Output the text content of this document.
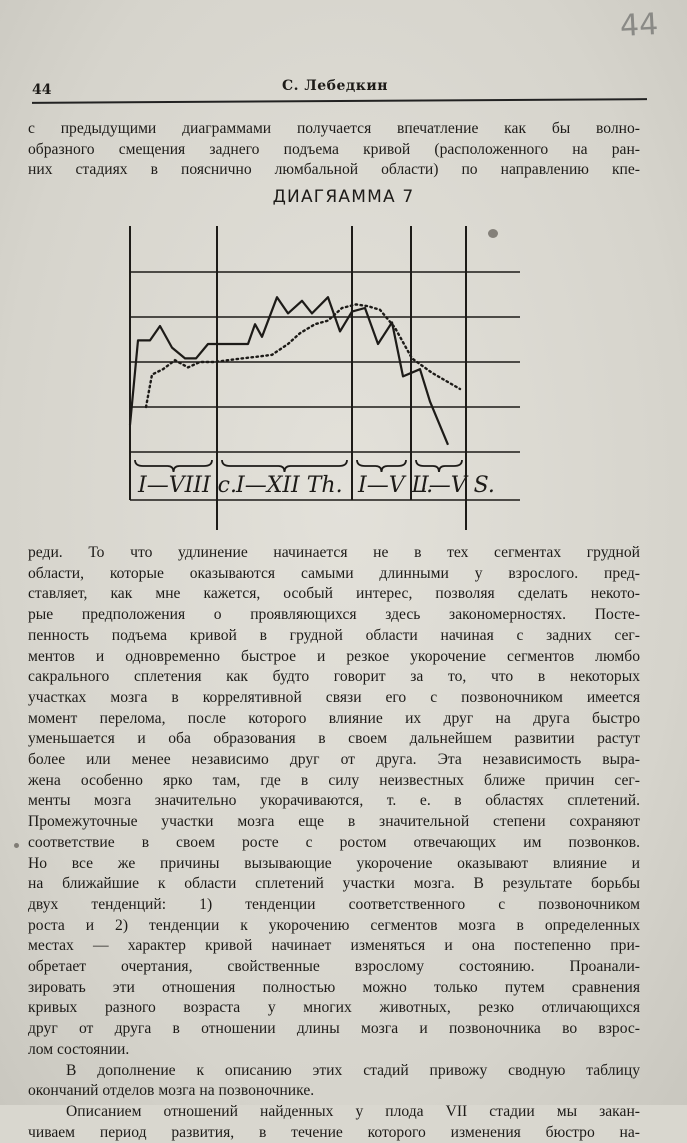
44
44	С. Лебедкин
с предыдущими диаграммами получается впечатление как бы волно-
образного смещения заднего подъема кривой (расположенного на ран-
них стадиях в пояснично люмбальной области) по направлению кпе-
ДИАГЯАММА 7
I—VIII c. I—XII Th. I—V L.
I—V S.
реди. То что удлинение начинается не в тех сегментах грудной
области, которые оказываются самыми длинными у взрослого. пред-
ставляет, как мне кажется, особый интерес, позволяя сделать некото-
рые предположения о проявляющихся здесь закономерностях. Посте-
пенность подъема кривой в грудной области начиная с задних сег-
ментов и одновременно быстрое и резкое укорочение сегментов люмбо
сакрального сплетения как будто говорит за то, что в некоторых
участках мозга в коррелятивной связи его с позвоночником имеется
момент перелома, после которого влияние их друг на друга быстро
уменьшается и оба образования в своем дальнейшем развитии растут
более или менее независимо друг от друга. Эта независимость выра-
жена особенно ярко там, где в силу неизвестных ближе причин сег-
менты мозга значительно укорачиваются, т. е. в областях сплетений.
Промежуточные участки мозга еще в значительной степени сохраняют
соответствие в своем росте с ростом отвечающих им позвонков.
Но все же причины вызывающие укорочение оказывают влияние и
на ближайшие к области сплетений участки мозга. В результате борьбы
двух тенденций: 1) тенденции соответственного с позвоночником
роста и 2) тенденции к укорочению сегментов мозга в определенных
местах — характер кривой начинает изменяться и она постепенно при-
обретает очертания, свойственные взрослому состоянию. Проанали-
зировать эти отношения полностью можно только путем сравнения
кривых разного возраста у многих животных, резко отличающихся
друг от друга в отношении длины мозга и позвоночника во взрос-
лом состоянии.
В дополнение к описанию этих стадий привожу сводную таблицу
окончаний отделов мозга на позвоночнике.
Описанием отношений найденных у плода VII стадии мы закан-
чиваем период развития, в течение которого изменения бюстро на-
